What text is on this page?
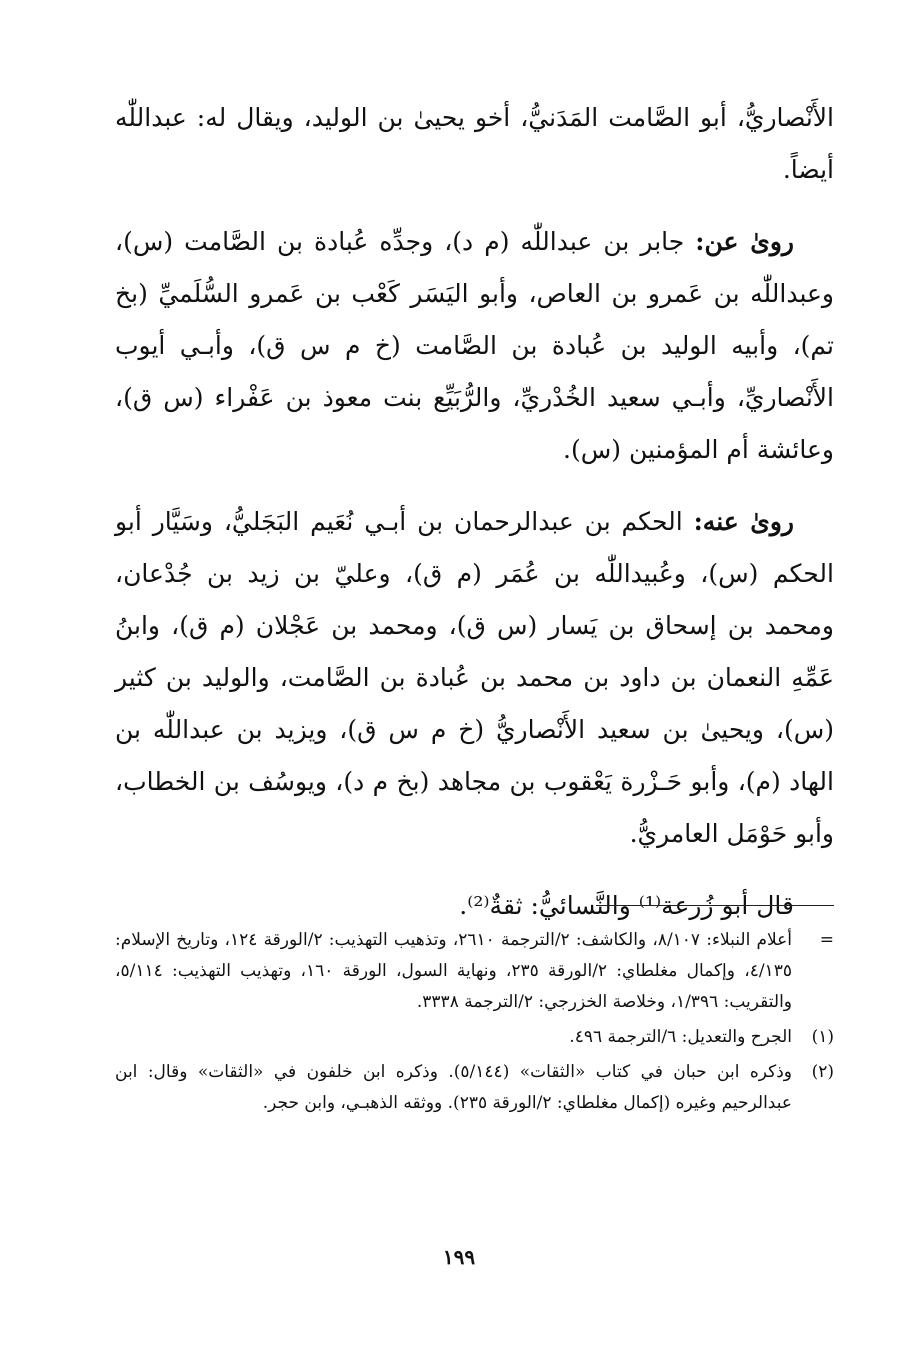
الأَنْصاريُّ، أبو الصَّامت المَدَنيُّ، أخو يحيىٰ بن الوليد، ويقال له: عبداللّٰه أيضاً.

روىٰ عن: جابر بن عبداللّٰه (م د)، وجدِّه عُبادة بن الصَّامت (س)، وعبداللّٰه بن عَمرو بن العاص، وأبو اليَسَر كَعْب بن عَمرو السُّلَميِّ (بخ تم)، وأبيه الوليد بن عُبادة بن الصَّامت (خ م س ق)، وأبـي أيوب الأَنْصاريِّ، وأبـي سعيد الخُدْريِّ، والرُّبَيِّع بنت معوذ بن عَفْراء (س ق)، وعائشة أم المؤمنين (س).

روىٰ عنه: الحكم بن عبدالرحمان بن أبـي نُعَيم البَجَليُّ، وسَيَّار أبو الحكم (س)، وعُبيداللّٰه بن عُمَر (م ق)، وعليّ بن زيد بن جُدْعان، ومحمد بن إسحاق بن يَسار (س ق)، ومحمد بن عَجْلان (م ق)، وابنُ عَمِّهِ النعمان بن داود بن محمد بن عُبادة بن الصَّامت، والوليد بن كثير (س)، ويحيىٰ بن سعيد الأَنْصاريُّ (خ م س ق)، ويزيد بن عبداللّٰه بن الهاد (م)، وأبو حَـزْرة يَعْقوب بن مجاهد (بخ م د)، ويوسُف بن الخطاب، وأبو حَوْمَل العامريُّ.

قال أبو زُرعة⁽¹⁾ والنَّسائيُّ: ثقةٌ⁽²⁾.

=
أعلام النبلاء: ٨/١٠٧، والكاشف: ٢/الترجمة ٢٦١٠، وتذهيب التهذيب: ٢/الورقة ١٢٤، وتاريخ الإسلام: ٤/١٣٥، وإكمال مغلطاي: ٢/الورقة ٢٣٥، ونهاية السول، الورقة ١٦٠، وتهذيب التهذيب: ٥/١١٤، والتقريب: ١/٣٩٦، وخلاصة الخزرجي: ٢/الترجمة ٣٣٣٨.
(١)
الجرح والتعديل: ٦/الترجمة ٤٩٦.
(٢)
وذكره ابن حبان في كتاب «الثقات» (٥/١٤٤). وذكره ابن خلفون في «الثقات» وقال: ابن عبدالرحيم وغيره (إكمال مغلطاي: ٢/الورقة ٢٣٥). ووثقه الذهبـي، وابن حجر.
١٩٩
